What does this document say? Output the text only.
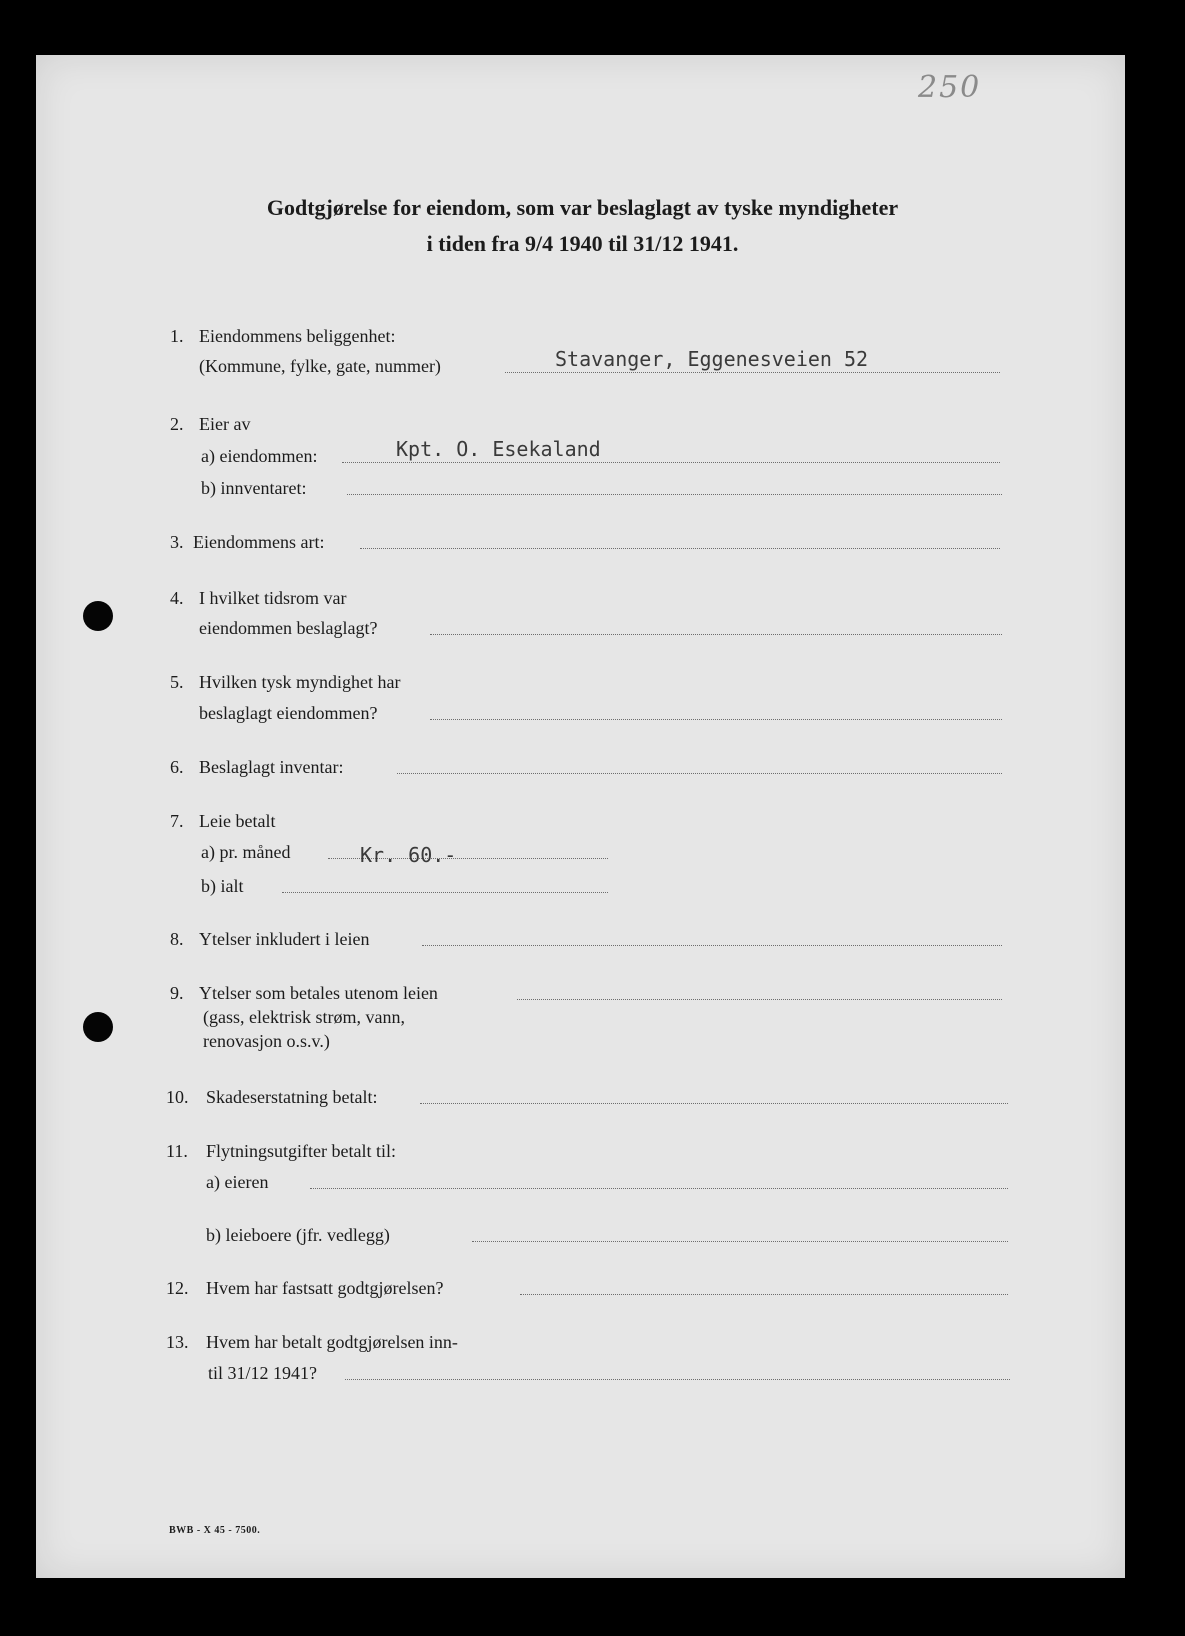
250
Godtgjørelse for eiendom, som var beslaglagt av tyske myndigheter
i tiden fra 9/4 1940 til 31/12 1941.
1. Eiendommens beliggenhet:
(Kommune, fylke, gate, nummer)	Stavanger, Eggenesveien 52
2. Eier av
a) eiendommen:	Kpt. O. Esekaland
b) innventaret:
3. Eiendommens art:
4. I hvilket tidsrom var
eiendommen beslaglagt?
5. Hvilken tysk myndighet har
beslaglagt eiendommen?
6. Beslaglagt inventar:
7. Leie betalt
a) pr. måned	Kr. 60.-
b) ialt
8. Ytelser inkludert i leien
9. Ytelser som betales utenom leien
(gass, elektrisk strøm, vann,
renovasjon o.s.v.)
10. Skadeserstatning betalt:
11. Flytningsutgifter betalt til:
a) eieren
b) leieboere (jfr. vedlegg)
12. Hvem har fastsatt godtgjørelsen?
13. Hvem har betalt godtgjørelsen inn-
til 31/12 1941?
BWB - X 45 - 7500.
